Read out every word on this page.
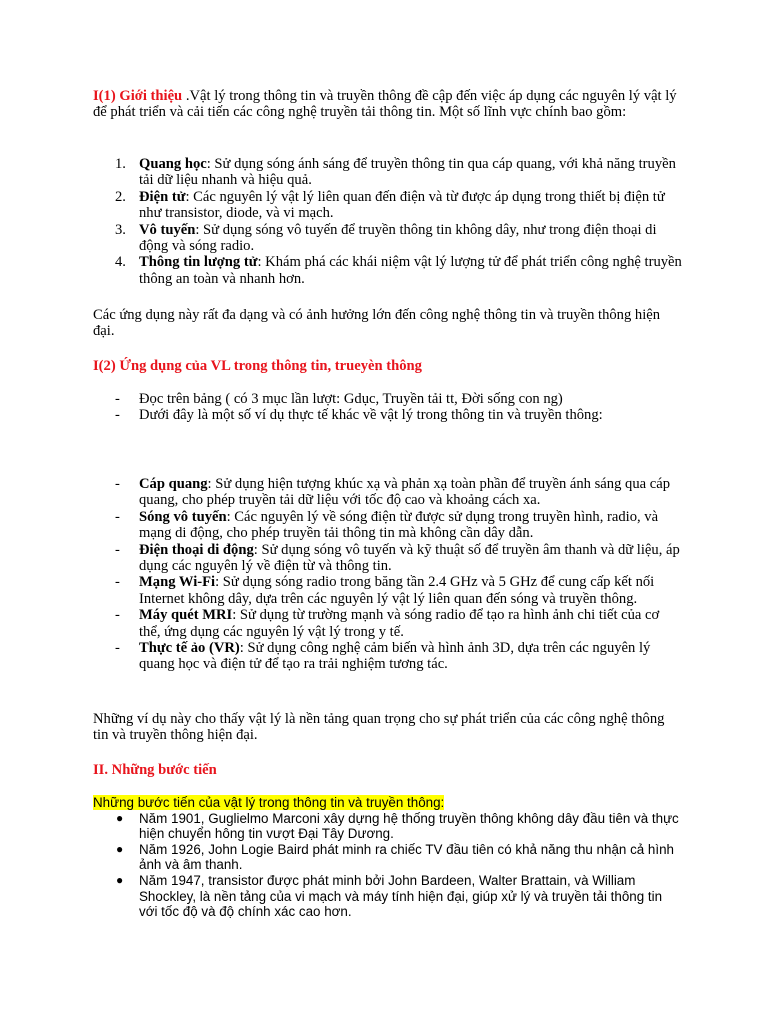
I(1) Giới thiệu .Vật lý trong thông tin và truyền thông đề cập đến việc áp dụng các nguyên lý vật lý để phát triển và cải tiến các công nghệ truyền tải thông tin. Một số lĩnh vực chính bao gồm:

1. Quang học: Sử dụng sóng ánh sáng để truyền thông tin qua cáp quang, với khả năng truyền tải dữ liệu nhanh và hiệu quả.
2. Điện tử: Các nguyên lý vật lý liên quan đến điện và từ được áp dụng trong thiết bị điện tử như transistor, diode, và vi mạch.
3. Vô tuyến: Sử dụng sóng vô tuyến để truyền thông tin không dây, như trong điện thoại di động và sóng radio.
4. Thông tin lượng tử: Khám phá các khái niệm vật lý lượng tử để phát triển công nghệ truyền thông an toàn và nhanh hơn.

Các ứng dụng này rất đa dạng và có ảnh hưởng lớn đến công nghệ thông tin và truyền thông hiện đại.

I(2) Ứng dụng của VL trong thông tin, trueyèn thông

- Đọc trên bảng ( có 3 mục lần lượt: Gdục, Truyền tải tt, Đời sống con ng)
- Dưới đây là một số ví dụ thực tế khác về vật lý trong thông tin và truyền thông:
- Cáp quang: Sử dụng hiện tượng khúc xạ và phản xạ toàn phần để truyền ánh sáng qua cáp quang, cho phép truyền tải dữ liệu với tốc độ cao và khoảng cách xa.
- Sóng vô tuyến: Các nguyên lý về sóng điện từ được sử dụng trong truyền hình, radio, và mạng di động, cho phép truyền tải thông tin mà không cần dây dẫn.
- Điện thoại di động: Sử dụng sóng vô tuyến và kỹ thuật số để truyền âm thanh và dữ liệu, áp dụng các nguyên lý về điện từ và thông tin.
- Mạng Wi-Fi: Sử dụng sóng radio trong băng tần 2.4 GHz và 5 GHz để cung cấp kết nối Internet không dây, dựa trên các nguyên lý vật lý liên quan đến sóng và truyền thông.
- Máy quét MRI: Sử dụng từ trường mạnh và sóng radio để tạo ra hình ảnh chi tiết của cơ thể, ứng dụng các nguyên lý vật lý trong y tế.
- Thực tế ảo (VR): Sử dụng công nghệ cảm biến và hình ảnh 3D, dựa trên các nguyên lý quang học và điện tử để tạo ra trải nghiệm tương tác.

Những ví dụ này cho thấy vật lý là nền tảng quan trọng cho sự phát triển của các công nghệ thông tin và truyền thông hiện đại.

II. Những bước tiến

Những bước tiến của vật lý trong thông tin và truyền thông:

● Năm 1901, Guglielmo Marconi xây dựng hệ thống truyền thông không dây đầu tiên và thực hiện chuyển hông tin vượt Đại Tây Dương.
● Năm 1926, John Logie Baird phát minh ra chiếc TV đầu tiên có khả năng thu nhận cả hình ảnh và âm thanh.
● Năm 1947, transistor được phát minh bởi John Bardeen, Walter Brattain, và William Shockley, là nền tảng của vi mạch và máy tính hiện đại, giúp xử lý và truyền tải thông tin với tốc độ và độ chính xác cao hơn.
